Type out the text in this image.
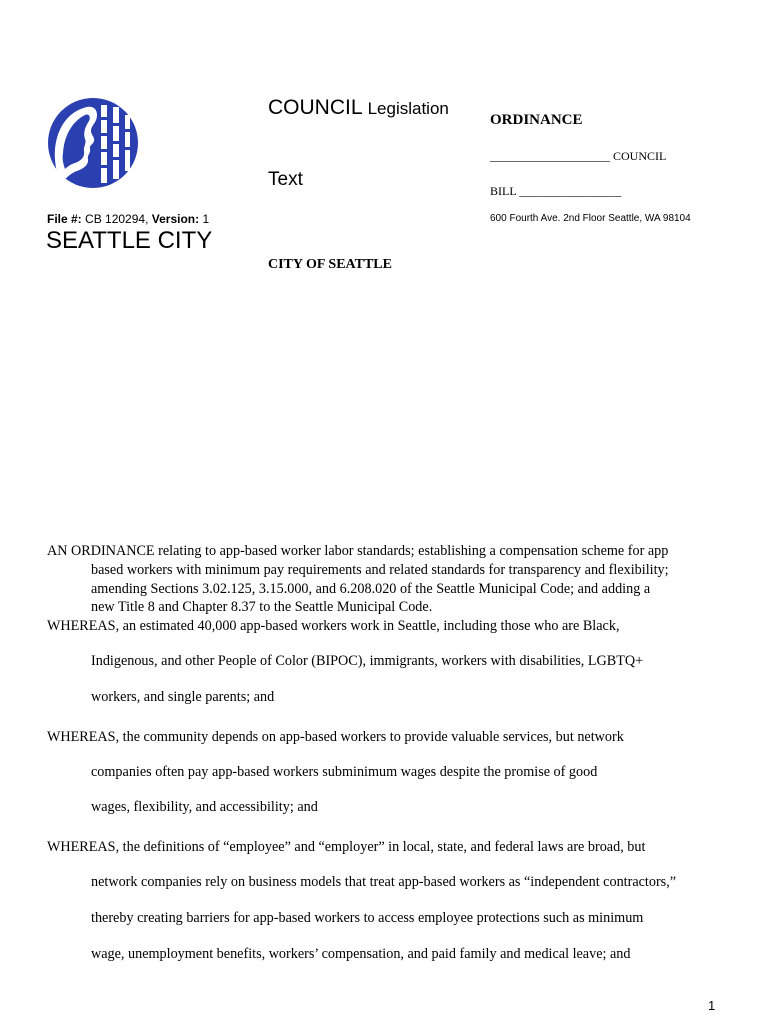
COUNCIL Legislation
Text
ORDINANCE
____________________ COUNCIL
BILL _________________
600 Fourth Ave. 2nd Floor Seattle, WA 98104
File #: CB 120294, Version: 1
SEATTLE CITY
CITY OF SEATTLE
AN ORDINANCE relating to app-based worker labor standards; establishing a compensation scheme for app
based workers with minimum pay requirements and related standards for transparency and flexibility;
amending Sections 3.02.125, 3.15.000, and 6.208.020 of the Seattle Municipal Code; and adding a
new Title 8 and Chapter 8.37 to the Seattle Municipal Code.
WHEREAS, an estimated 40,000 app-based workers work in Seattle, including those who are Black,
Indigenous, and other People of Color (BIPOC), immigrants, workers with disabilities, LGBTQ+
workers, and single parents; and
WHEREAS, the community depends on app-based workers to provide valuable services, but network
companies often pay app-based workers subminimum wages despite the promise of good
wages, flexibility, and accessibility; and
WHEREAS, the definitions of “employee” and “employer” in local, state, and federal laws are broad, but
network companies rely on business models that treat app-based workers as “independent contractors,”
thereby creating barriers for app-based workers to access employee protections such as minimum
wage, unemployment benefits, workers’ compensation, and paid family and medical leave; and
1
